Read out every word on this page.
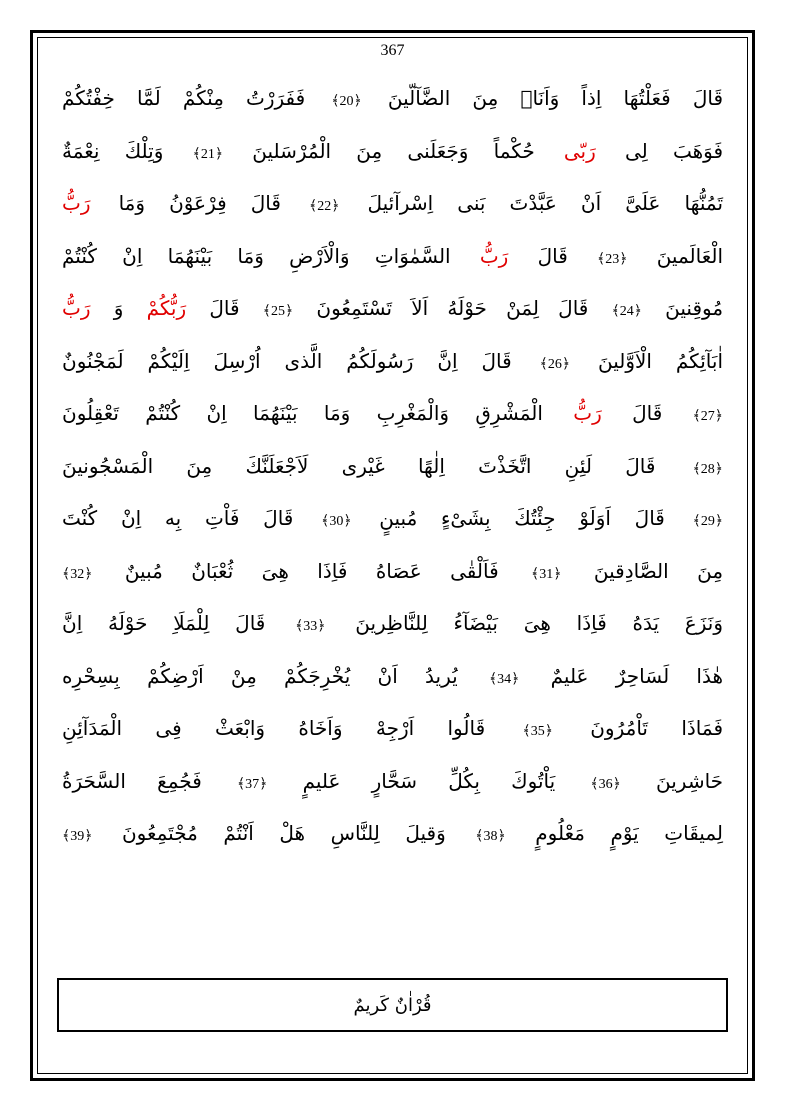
367
قَالَ فَعَلْتُهَا اِذاً وَاَنَا۬ مِنَ الضَّآلّينَ ﴿20﴾ فَفَرَرْتُ مِنْكُمْ لَمَّا خِفْتُكُمْ
فَوَهَبَ لِى رَبّى حُكْماً وَجَعَلَنى مِنَ الْمُرْسَلينَ ﴿21﴾ وَتِلْكَ نِعْمَةٌ
تَمُنُّهَا عَلَىَّ اَنْ عَبَّدْتَ بَنى اِسْرآئيلَ ﴿22﴾ قَالَ فِرْعَوْنُ وَمَا رَبُّ
الْعَالَمينَ ﴿23﴾ قَالَ رَبُّ السَّمٰوَاتِ وَالْاَرْضِ وَمَا بَيْنَهُمَا اِنْ كُنْتُمْ
مُوقِنينَ ﴿24﴾ قَالَ لِمَنْ حَوْلَهُ اَلاَ تَسْتَمِعُونَ ﴿25﴾ قَالَ رَبُّكُمْ وَ رَبُّ
اٰبَآئِكُمُ الْاَوَّلينَ ﴿26﴾ قَالَ اِنَّ رَسُولَكُمُ الَّذى اُرْسِلَ اِلَيْكُمْ لَمَجْنُونٌ
﴿27﴾ قَالَ رَبُّ الْمَشْرِقِ وَالْمَغْرِبِ وَمَا بَيْنَهُمَا اِنْ كُنْتُمْ تَعْقِلُونَ
﴿28﴾ قَالَ لَئِنِ اتَّخَذْتَ اِلٰهًا غَيْرى لَاَجْعَلَنَّكَ مِنَ الْمَسْجُونينَ
﴿29﴾ قَالَ اَوَلَوْ جِئْتُكَ بِشَىْءٍ مُبينٍ ﴿30﴾ قَالَ فَاْتِ بِه اِنْ كُنْتَ
مِنَ الصَّادِقينَ ﴿31﴾ فَاَلْقٰى عَصَاهُ فَاِذَا هِىَ ثُعْبَانٌ مُبينٌ ﴿32﴾
وَنَزَعَ يَدَهُ فَاِذَا هِىَ بَيْضَآءُ لِلنَّاظِرينَ ﴿33﴾ قَالَ لِلْمَلَاِ حَوْلَهُ اِنَّ
هٰذَا لَسَاحِرٌ عَليمٌ ﴿34﴾ يُريدُ اَنْ يُخْرِجَكُمْ مِنْ اَرْضِكُمْ بِسِحْرِه
فَمَاذَا تَاْمُرُونَ ﴿35﴾ قَالُوا اَرْجِهْ وَاَخَاهُ وَابْعَثْ فِى الْمَدَآئِنِ
حَاشِرينَ ﴿36﴾ يَاْتُوكَ بِكُلِّ سَحَّارٍ عَليمٍ ﴿37﴾ فَجُمِعَ السَّحَرَةُ
لِميقَاتِ يَوْمٍ مَعْلُومٍ ﴿38﴾ وَقيلَ لِلنَّاسِ هَلْ اَنْتُمْ مُجْتَمِعُونَ ﴿39﴾
قُرْاٰنٌ كَريمٌ
